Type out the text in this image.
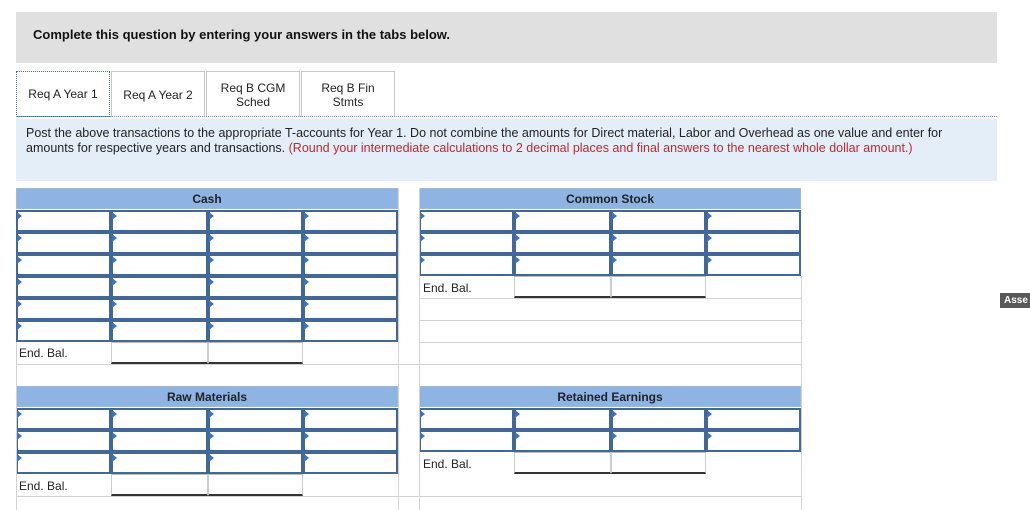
Complete this question by entering your answers in the tabs below.
Req A Year 1	Req A Year 2	Req B CGM Sched
Req B Fin Stmts
Post the above transactions to the appropriate T-accounts for Year 1. Do not combine the amounts for Direct material, Labor and Overhead as one value and enter for amounts for respective years and transactions. (Round your intermediate calculations to 2 decimal places and final answers to the nearest whole dollar amount.)
Cash
End. Bal.
Common Stock
End. Bal.
Raw Materials
End. Bal.
Retained Earnings
End. Bal.
Asse
